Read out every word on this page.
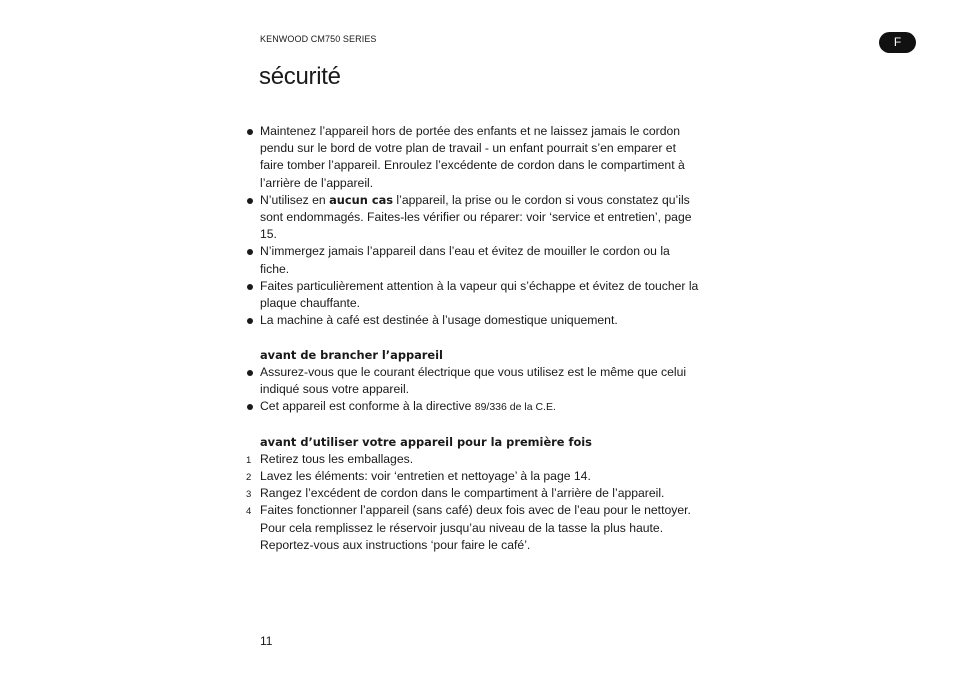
KENWOOD CM750 SERIES	F
sécurité

Maintenez l’appareil hors de portée des enfants et ne laissez jamais le cordon pendu sur le bord de votre plan de travail - un enfant pourrait s’en emparer et faire tomber l’appareil. Enroulez l’excédente de cordon dans le compartiment à l’arrière de l’appareil.

N’utilisez en aucun cas l’appareil, la prise ou le cordon si vous constatez qu’ils sont endommagés. Faites-les vérifier ou réparer: voir ‘service et entretien’, page 15.

N’immergez jamais l’appareil dans l’eau et évitez de mouiller le cordon ou la fiche.

Faites particulièrement attention à la vapeur qui s’échappe et évitez de toucher la plaque chauffante.

La machine à café est destinée à l’usage domestique uniquement.

avant de brancher l’appareil

Assurez-vous que le courant électrique que vous utilisez est le même que celui indiqué sous votre appareil.

Cet appareil est conforme à la directive 89/336 de la C.E.

avant d’utiliser votre appareil pour la première fois

1 Retirez tous les emballages.

2 Lavez les éléments: voir ‘entretien et nettoyage’ à la page 14.

3 Rangez l’excédent de cordon dans le compartiment à l’arrière de l’appareil.

4 Faites fonctionner l’appareil (sans café) deux fois avec de l’eau pour le nettoyer. Pour cela remplissez le réservoir jusqu’au niveau de la tasse la plus haute. Reportez-vous aux instructions ‘pour faire le café’.

11
